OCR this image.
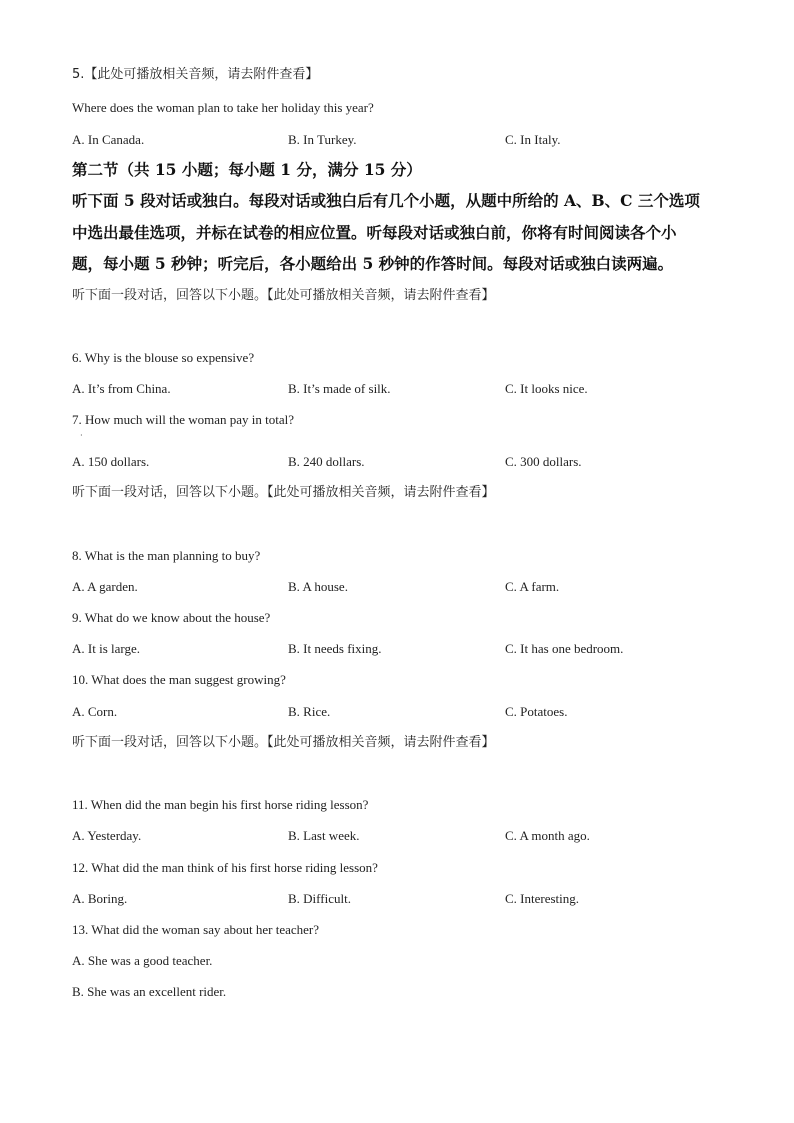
5.【此处可播放相关音频，请去附件查看】
Where does the woman plan to take her holiday this year?
A. In Canada.	B. In Turkey.	C. In Italy.
第二节（共 15 小题；每小题 1 分，满分 15 分）
听下面 5 段对话或独白。每段对话或独白后有几个小题，从题中所给的 A、B、C 三个选项
中选出最佳选项，并标在试卷的相应位置。听每段对话或独白前，你将有时间阅读各个小
题，每小题 5 秒钟；听完后，各小题给出 5 秒钟的作答时间。每段对话或独白读两遍。
听下面一段对话，回答以下小题。【此处可播放相关音频，请去附件查看】
6. Why is the blouse so expensive?
A. It’s from China.	B. It’s made of silk.	C. It looks nice.
7. How much will the woman pay in total?
·
A. 150 dollars.	B. 240 dollars.	C. 300 dollars.
听下面一段对话，回答以下小题。【此处可播放相关音频，请去附件查看】
8. What is the man planning to buy?
A. A garden.	B. A house.	C. A farm.
9. What do we know about the house?
A. It is large.	B. It needs fixing.	C. It has one bedroom.
10. What does the man suggest growing?
A. Corn.	B. Rice.	C. Potatoes.
听下面一段对话，回答以下小题。【此处可播放相关音频，请去附件查看】
11. When did the man begin his first horse riding lesson?
A. Yesterday.	B. Last week.	C. A month ago.
12. What did the man think of his first horse riding lesson?
A. Boring.	B. Difficult.	C. Interesting.
13. What did the woman say about her teacher?
A. She was a good teacher.
B. She was an excellent rider.
